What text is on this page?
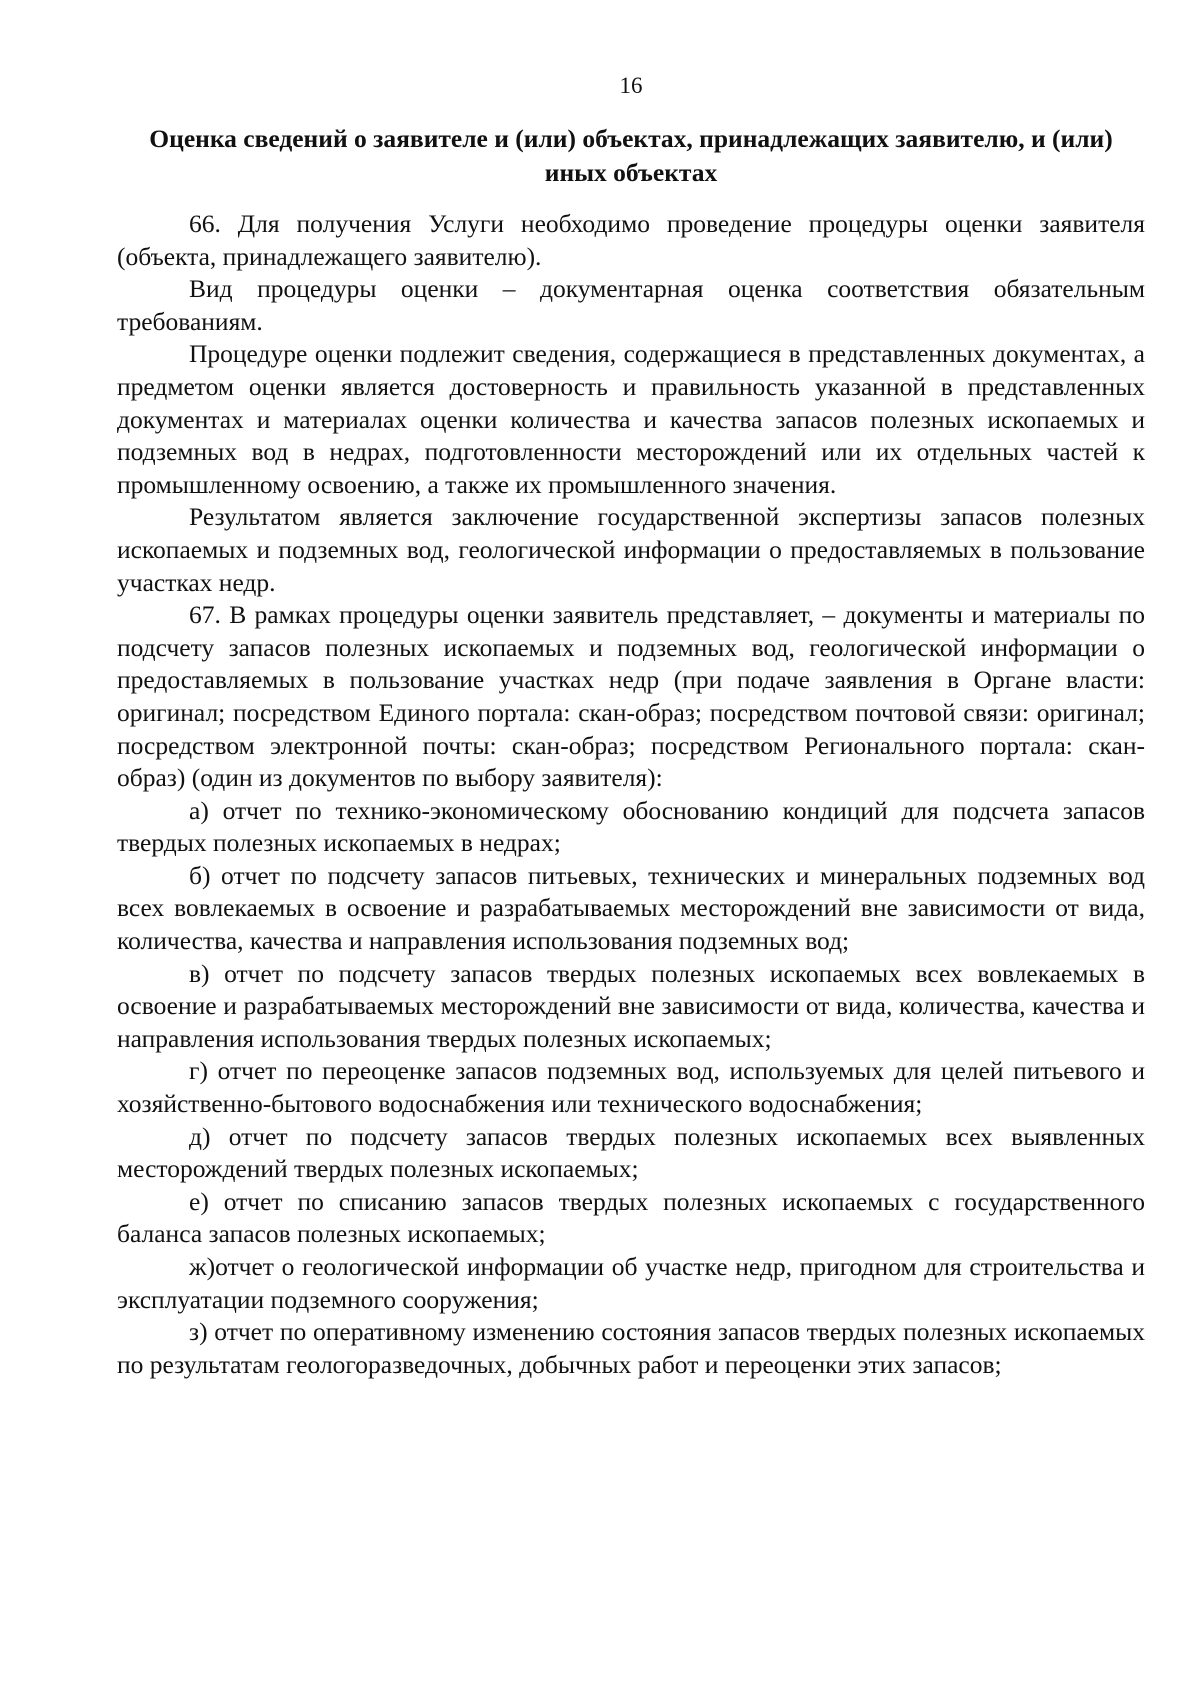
16
Оценка сведений о заявителе и (или) объектах, принадлежащих заявителю, и (или) иных объектах

66. Для получения Услуги необходимо проведение процедуры оценки заявителя (объекта, принадлежащего заявителю).

Вид процедуры оценки – документарная оценка соответствия обязательным требованиям.

Процедуре оценки подлежит сведения, содержащиеся в представленных документах, а предметом оценки является достоверность и правильность указанной в представленных документах и материалах оценки количества и качества запасов полезных ископаемых и подземных вод в недрах, подготовленности месторождений или их отдельных частей к промышленному освоению, а также их промышленного значения.

Результатом является заключение государственной экспертизы запасов полезных ископаемых и подземных вод, геологической информации о предоставляемых в пользование участках недр.

67. В рамках процедуры оценки заявитель представляет, – документы и материалы по подсчету запасов полезных ископаемых и подземных вод, геологической информации о предоставляемых в пользование участках недр (при подаче заявления в Органе власти: оригинал; посредством Единого портала: скан-образ; посредством почтовой связи: оригинал; посредством электронной почты: скан-образ; посредством Регионального портала: скан-образ) (один из документов по выбору заявителя):

а) отчет по технико-экономическому обоснованию кондиций для подсчета запасов твердых полезных ископаемых в недрах;

б) отчет по подсчету запасов питьевых, технических и минеральных подземных вод всех вовлекаемых в освоение и разрабатываемых месторождений вне зависимости от вида, количества, качества и направления использования подземных вод;

в) отчет по подсчету запасов твердых полезных ископаемых всех вовлекаемых в освоение и разрабатываемых месторождений вне зависимости от вида, количества, качества и направления использования твердых полезных ископаемых;

г) отчет по переоценке запасов подземных вод, используемых для целей питьевого и хозяйственно-бытового водоснабжения или технического водоснабжения;

д) отчет по подсчету запасов твердых полезных ископаемых всех выявленных месторождений твердых полезных ископаемых;

е) отчет по списанию запасов твердых полезных ископаемых с государственного баланса запасов полезных ископаемых;

ж)отчет о геологической информации об участке недр, пригодном для строительства и эксплуатации подземного сооружения;

з) отчет по оперативному изменению состояния запасов твердых полезных ископаемых по результатам геологоразведочных, добычных работ и переоценки этих запасов;
